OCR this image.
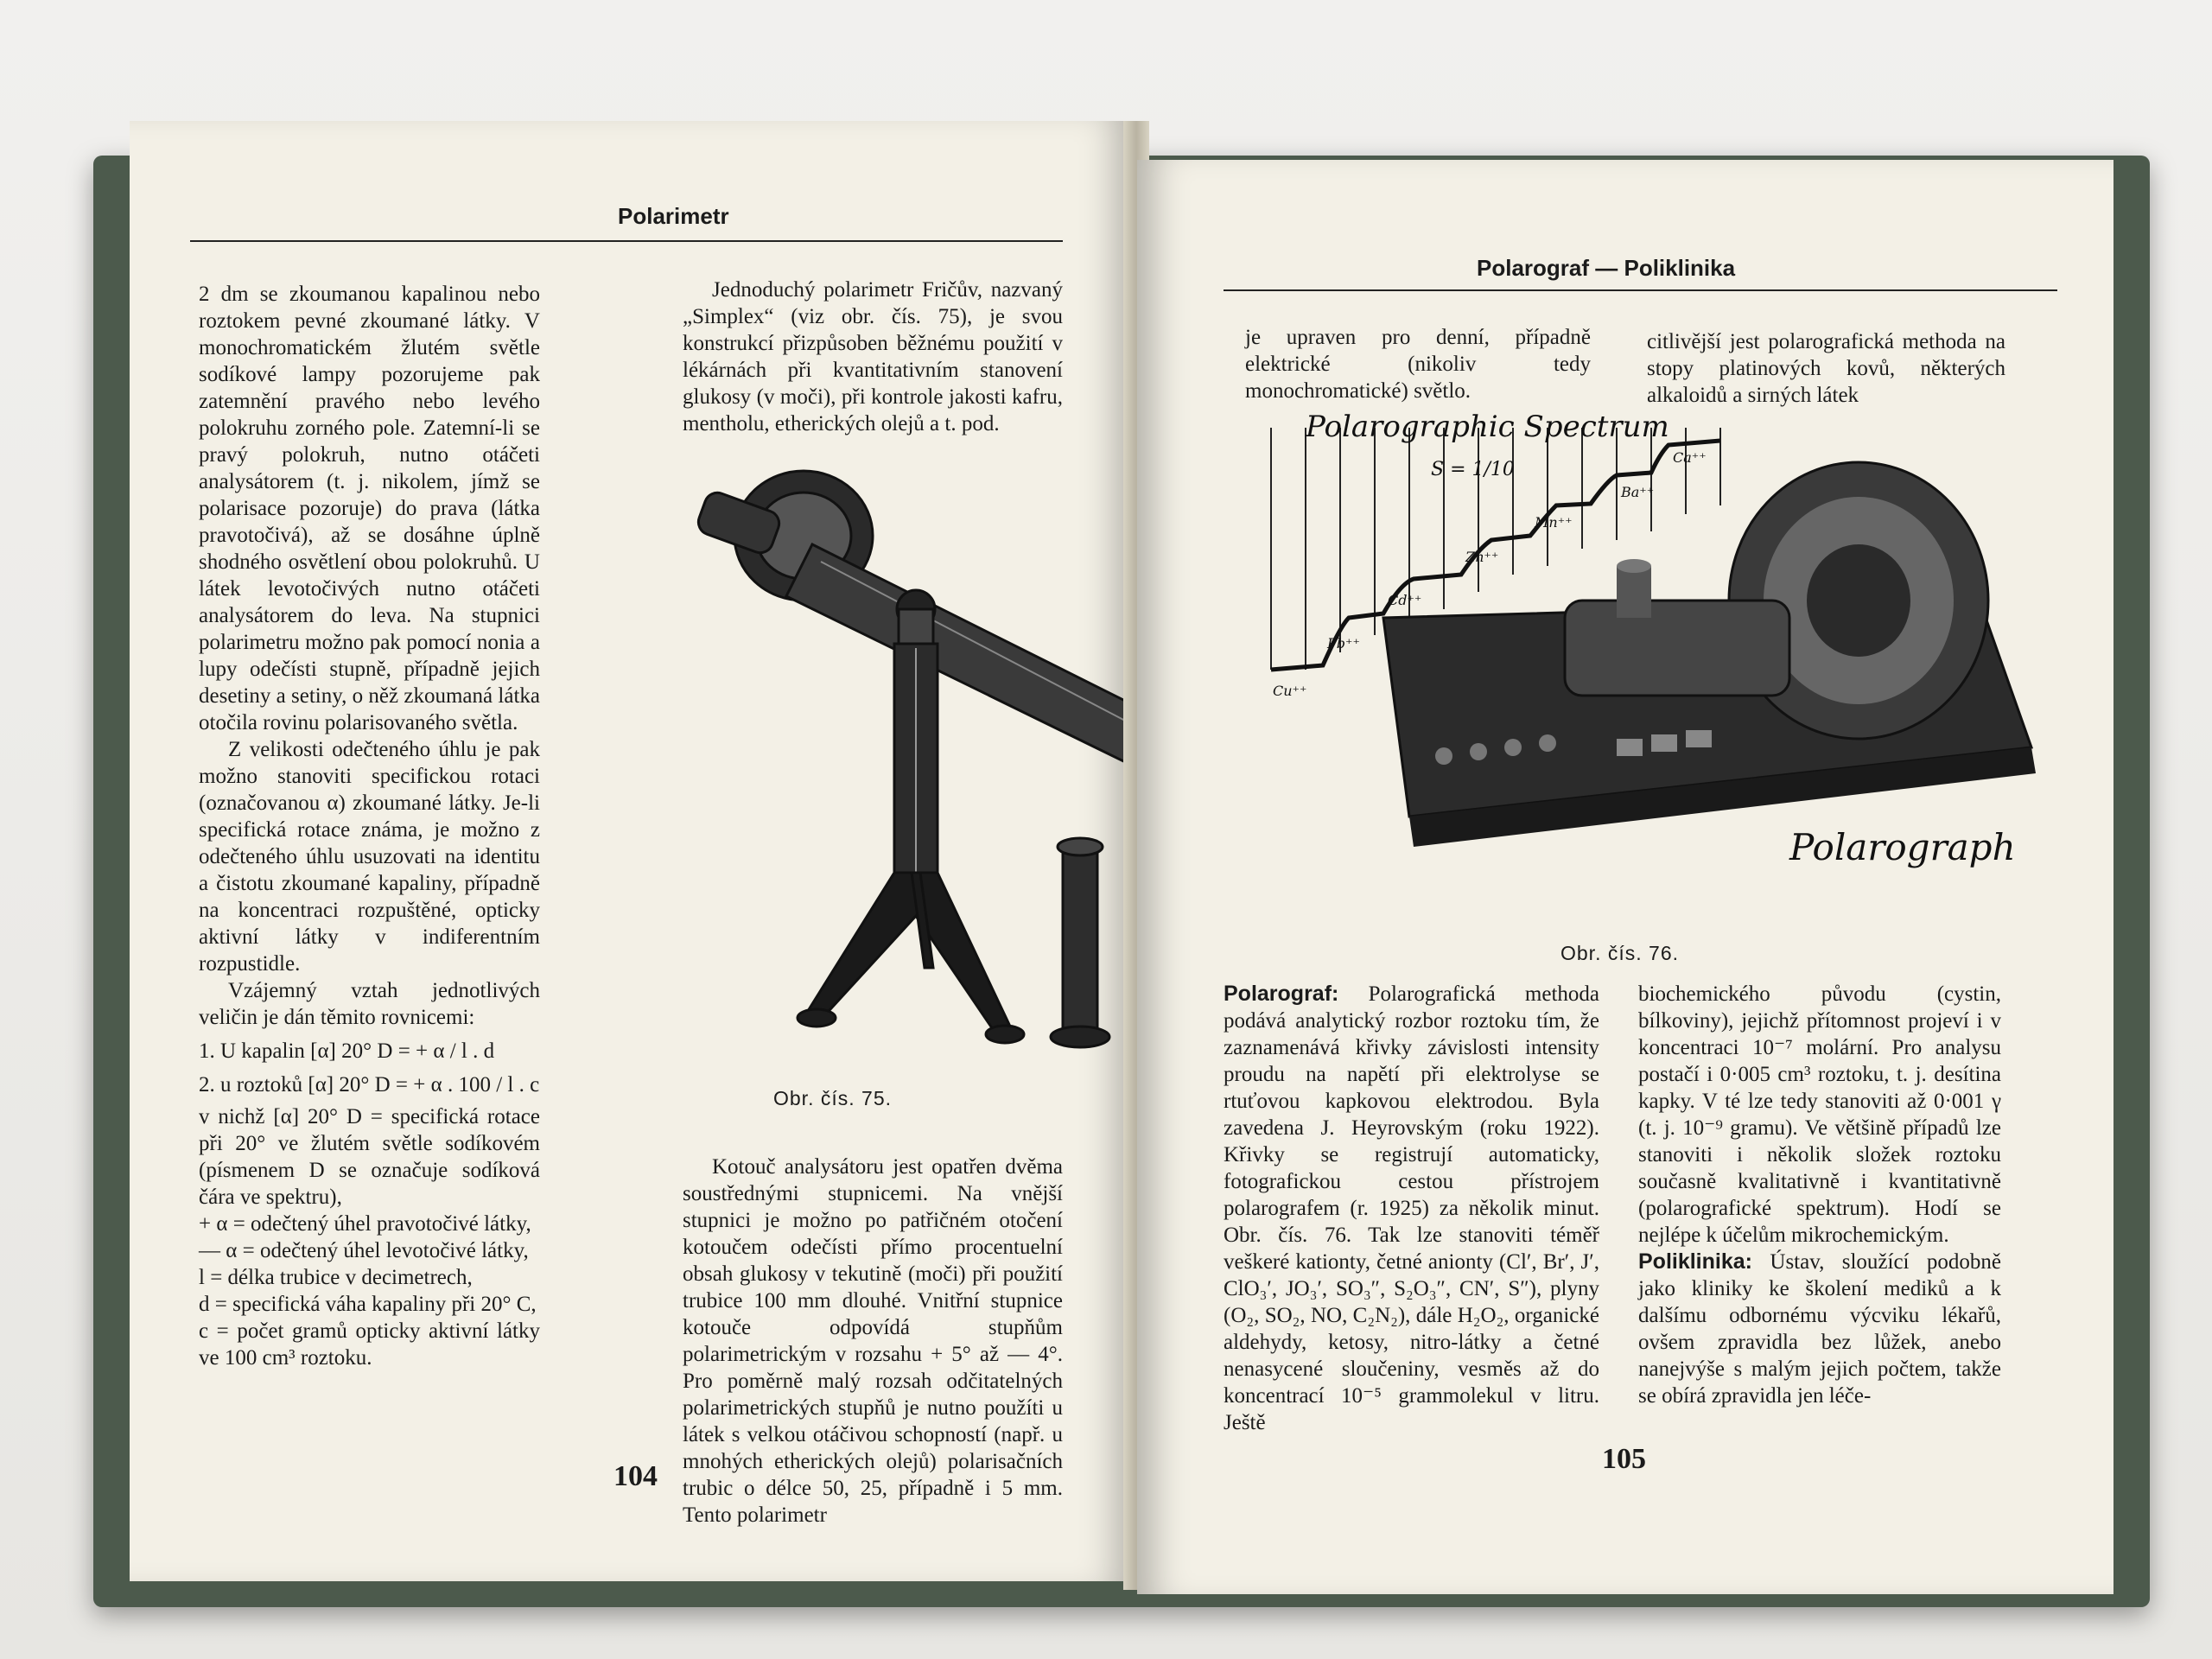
Polarimetr

2 dm se zkoumanou kapalinou nebo roztokem pevné zkoumané látky. V monochromatickém žlutém světle sodíkové lampy pozorujeme pak zatemnění pravého nebo levého polokruhu zorného pole. Zatemní-li se pravý polokruh, nutno otáčeti analysátorem (t. j. nikolem, jímž se polarisace pozoruje) do prava (látka pravotočivá), až se dosáhne úplně shodného osvětlení obou polokruhů. U látek levotočivých nutno otáčeti analysátorem do leva. Na stupnici polarimetru možno pak pomocí nonia a lupy odečísti stupně, případně jejich desetiny a setiny, o něž zkoumaná látka otočila rovinu polarisovaného světla.

Z velikosti odečteného úhlu je pak možno stanoviti specifickou rotaci (označovanou α) zkoumané látky. Je-li specifická rotace známa, je možno z odečteného úhlu usuzovati na identitu a čistotu zkoumané kapaliny, případně na koncentraci rozpuštěné, opticky aktivní látky v indiferentním rozpustidle.

Vzájemný vztah jednotlivých veličin je dán těmito rovnicemi:

1. U kapalin [α] 20° D = + α / l . d

2. u roztoků [α] 20° D = + α . 100 / l . c

v nichž [α] 20° D = specifická rotace při 20° ve žlutém světle sodíkovém (písmenem D se označuje sodíková čára ve spektru),

+ α = odečtený úhel pravotočivé látky,

— α = odečtený úhel levotočivé látky,

l = délka trubice v decimetrech,

d = specifická váha kapaliny při 20° C,

c = počet gramů opticky aktivní látky ve 100 cm³ roztoku.

Jednoduchý polarimetr Fričův, nazvaný „Simplex“ (viz obr. čís. 75), je svou konstrukcí přizpůsoben běžnému použití v lékárnách při kvantitativním stanovení glukosy (v moči), při kontrole jakosti kafru, mentholu, etherických olejů a t. pod.

Obr. čís. 75.

Kotouč analysátoru jest opatřen dvěma soustřednými stupnicemi. Na vnější stupnici je možno po patřičném otočení kotoučem odečísti přímo procentuelní obsah glukosy v tekutině (moči) při použití trubice 100 mm dlouhé. Vnitřní stupnice kotouče odpovídá stupňům polarimetrickým v rozsahu + 5° až — 4°. Pro poměrně malý rozsah odčitatelných polarimetrických stupňů je nutno použíti u látek s velkou otáčivou schopností (např. u mnohých etherických olejů) polarisačních trubic o délce 50, 25, případně i 5 mm. Tento polarimetr

104
Polarograf — Poliklinika

je upraven pro denní, případně elektrické (nikoliv tedy monochromatické) světlo.

citlivější jest polarografická methoda na stopy platinových kovů, některých alkaloidů a sirných látek

Polarographic Spectrum
S = 1/10
Cu⁺⁺
Pb⁺⁺
Cd⁺⁺
Zn⁺⁺
Mn⁺⁺
Ba⁺⁺
Ca⁺⁺
Polarograph
Obr. čís. 76.

Polarograf: Polarografická methoda podává analytický rozbor roztoku tím, že zaznamenává křivky závislosti intensity proudu na napětí při elektrolyse se rtuťovou kapkovou elektrodou. Byla zavedena J. Heyrovským (roku 1922). Křivky se registrují automaticky, fotografickou cestou přístrojem polarografem (r. 1925) za několik minut. Obr. čís. 76. Tak lze stanoviti téměř veškeré kationty, četné anionty (Cl′, Br′, J′, ClO₃′, JO₃′, SO₃″, S₂O₃″, CN′, S″), plyny (O₂, SO₂, NO, C₂N₂), dále H₂O₂, organické aldehydy, ketosy, nitro-látky a četné nenasycené sloučeniny, vesměs až do koncentrací 10⁻⁵ grammolekul v litru. Ještě

biochemického původu (cystin, bílkoviny), jejichž přítomnost projeví i v koncentraci 10⁻⁷ molární. Pro analysu postačí i 0·005 cm³ roztoku, t. j. desítina kapky. V té lze tedy stanoviti až 0·001 γ (t. j. 10⁻⁹ gramu). Ve většině případů lze stanoviti i několik složek roztoku současně kvalitativně i kvantitativně (polarografické spektrum). Hodí se nejlépe k účelům mikrochemickým.

Poliklinika: Ústav, sloužící podobně jako kliniky ke školení mediků a k dalšímu odbornému výcviku lékařů, ovšem zpravidla bez lůžek, anebo nanejvýše s malým jejich počtem, takže se obírá zpravidla jen léče-

105
